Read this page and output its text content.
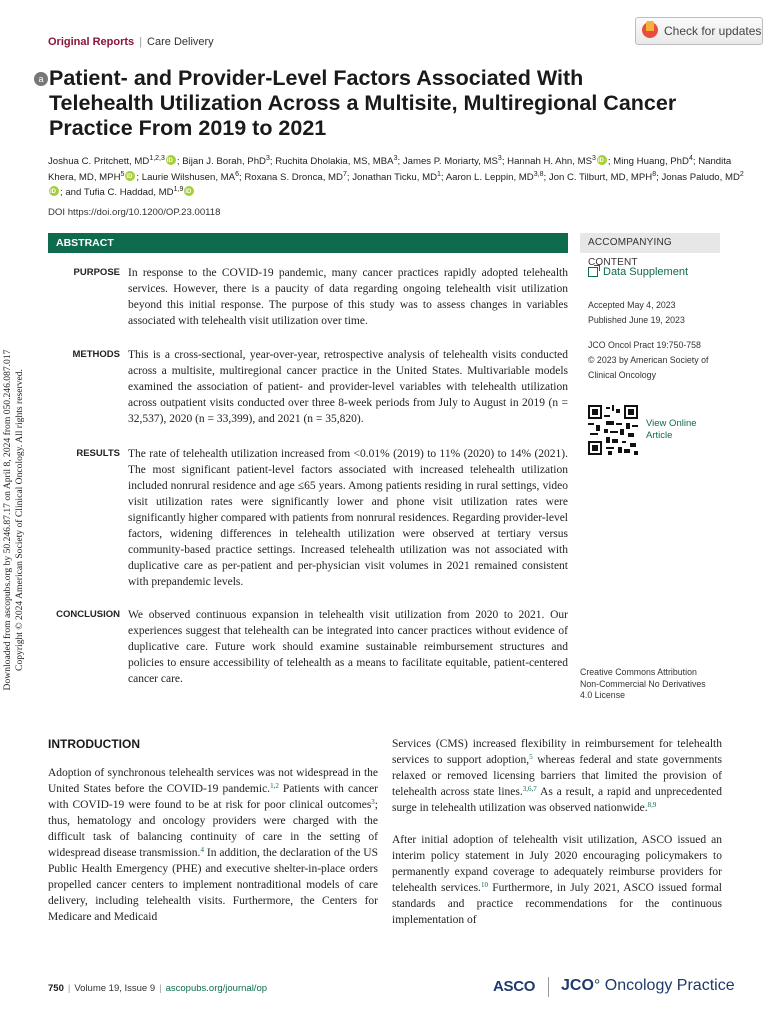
Downloaded from ascopubs.org by 50.246.87.17 on April 8, 2024 from 050.246.087.017 Copyright © 2024 American Society of Clinical Oncology. All rights reserved.
Original Reports | Care Delivery
Check for updates
a Patient- and Provider-Level Factors Associated With Telehealth Utilization Across a Multisite, Multiregional Cancer Practice From 2019 to 2021
Joshua C. Pritchett, MD$^{1,2,3}$iD ; Bijan J. Borah, PhD$^3$; Ruchita Dholakia, MS, MBA$^3$; James P. Moriarty, $MS^3$; Hannah H. Ahn, $MS^3iD$ ; Ming Huang, PhD$^4$; Nandita Khera, MD, MPH$^5$iD ; Laurie Wilshusen, $MA^6$; Roxana S. Dronca, $MD^7$; Jonathan Ticku, $MD^1$; Aaron L. Leppin, MD$^{3,8}$; Jon C. Tilburt, MD, MPH$^8$; Jonas Paludo, $MD^2iD$; and Tufia C. Haddad, MD$^{1,9}$iD
DOI https://doi.org/10.1200/OP.23.00118
ABSTRACT	ACCOMPANYING CONTENT
PURPOSE In response to the COVID-19 pandemic, many cancer practices rapidly adopted telehealth services. However, there is a paucity of data regarding ongoing telehealth visit utilization beyond this initial response. The purpose of this study was to assess changes in variables associated with telehealth visit utilization over time.
METHODS This is a cross-sectional, year-over-year, retrospective analysis of telehealth visits conducted across a multisite, multiregional cancer practice in the United States. Multivariable models examined the association of patient- and provider-level variables with telehealth utilization across outpatient visits conducted over three 8-week periods from July to August in 2019 (n = 32,537), 2020 (n = 33,399), and 2021 (n = 35,820).
RESULTS The rate of telehealth utilization increased from <0.01% (2019) to 11% (2020) to 14% (2021). The most significant patient-level factors associated with increased telehealth utilization included nonrural residence and age ≤65 years. Among patients residing in rural settings, video visit utilization rates were significantly lower and phone visit utilization rates were significantly higher compared with patients from nonrural residences. Regarding provider-level factors, widening differences in telehealth utilization were observed at tertiary versus community-based practice settings. Increased telehealth utilization was not associated with duplicative care as per-patient and per-physician visit volumes in 2021 remained consistent with prepandemic levels.
CONCLUSION We observed continuous expansion in telehealth visit utilization from 2020 to 2021. Our experiences suggest that telehealth can be integrated into cancer practices without evidence of duplicative care. Future work should examine sustainable reimbursement structures and policies to ensure accessibility of telehealth as a means to facilitate equitable, patient-centered cancer care.
Data Supplement
Accepted May 4, 2023
Published June 19, 2023
JCO Oncol Pract 19:750-758
© 2023 by American Society of
Clinical Oncology
View Online
Article
Creative Commons Attribution
Non-Commercial No Derivatives
4.0 License
INTRODUCTION

Adoption of synchronous telehealth services was not widespread in the United States before the COVID-19 pandemic.$^{1,2}$ Patients with cancer with COVID-19 were found to be at risk for poor clinical outcomes$^3$; thus, hematology and oncology providers were charged with the difficult task of balancing continuity of care in the setting of widespread disease transmission.$^4$ In addition, the declaration of the US Public Health Emergency (PHE) and executive shelter-in-place orders propelled cancer centers to implement nontraditional models of care delivery, including telehealth visits. Furthermore, the Centers for Medicare and Medicaid

Services (CMS) increased flexibility in reimbursement for telehealth services to support adoption,$^5$ whereas federal and state governments relaxed or removed licensing barriers that limited the provision of telehealth across state lines.$^{3,6,7}$ As a result, a rapid and unprecedented surge in telehealth utilization was observed nationwide.$^{8,9}$

After initial adoption of telehealth visit utilization, ASCO issued an interim policy statement in July 2020 encouraging policymakers to permanently expand coverage to adequately reimburse providers for telehealth services.$^{10}$ Furthermore, in July 2021, ASCO issued formal standards and practice recommendations for the continuous implementation of

750 | Volume 19, Issue 9 | ascopubs.org/journal/op	ASCO JCO° Oncology Practice
